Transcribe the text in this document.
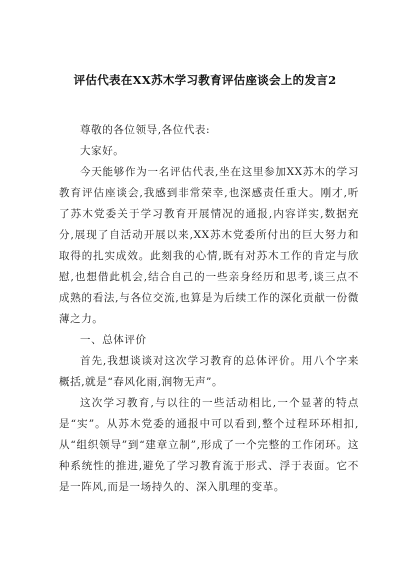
评估代表在XX苏木学习教育评估座谈会上的发言2

尊敬的各位领导,各位代表:

大家好。

今天能够作为一名评估代表,坐在这里参加XX苏木的学习教育评估座谈会,我感到非常荣幸,也深感责任重大。刚才,听了苏木党委关于学习教育开展情况的通报,内容详实,数据充分,展现了自活动开展以来,XX苏木党委所付出的巨大努力和取得的扎实成效。此刻我的心情,既有对苏木工作的肯定与欣慰,也想借此机会,结合自己的一些亲身经历和思考,谈三点不成熟的看法,与各位交流,也算是为后续工作的深化贡献一份微薄之力。

一、总体评价

首先,我想谈谈对这次学习教育的总体评价。用八个字来概括,就是“春风化雨,润物无声”。

这次学习教育,与以往的一些活动相比,一个显著的特点是“实”。从苏木党委的通报中可以看到,整个过程环环相扣,从“组织领导”到“建章立制”,形成了一个完整的工作闭环。这种系统性的推进,避免了学习教育流于形式、浮于表面。它不是一阵风,而是一场持久的、深入肌理的变革。
